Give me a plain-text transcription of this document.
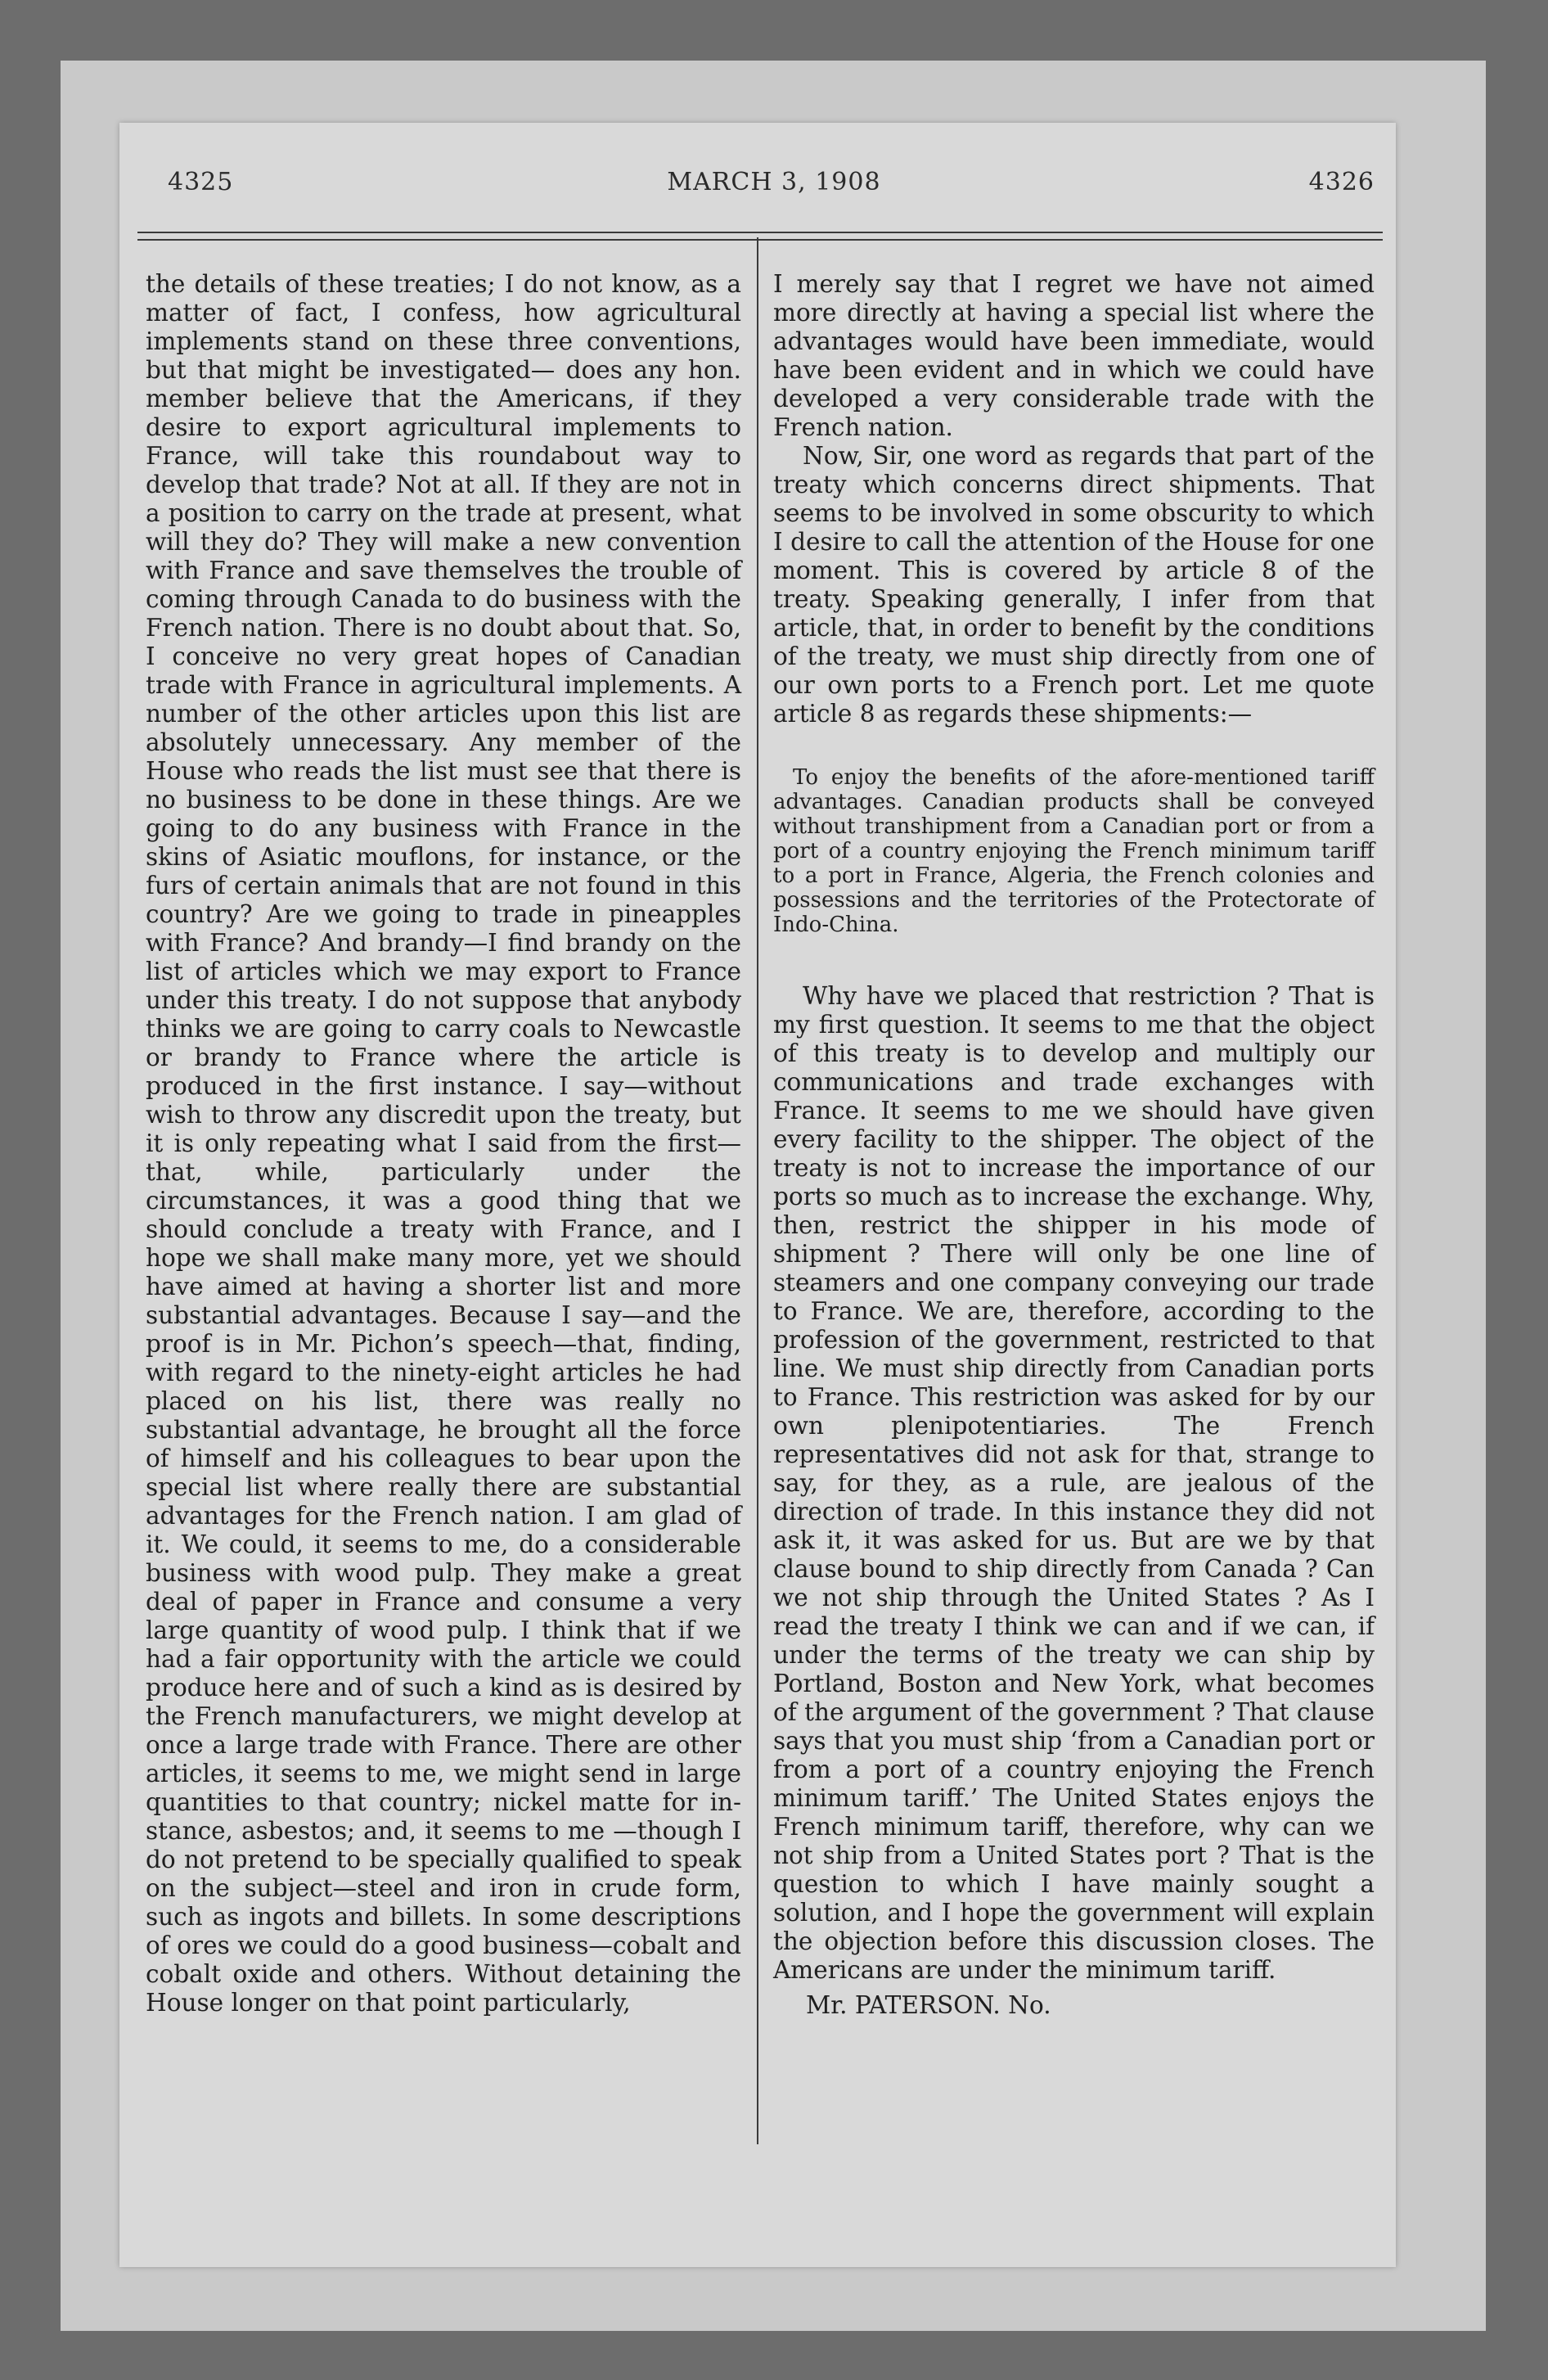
4325	MARCH 3, 1908	4326

the details of these treaties; I do not know, as a matter of fact, I confess, how agricultural implements stand on these three conventions, but that might be investigated— does any hon. member believe that the Americans, if they desire to export agricultural implements to France, will take this roundabout way to develop that trade? Not at all. If they are not in a position to carry on the trade at present, what will they do? They will make a new convention with France and save themselves the trouble of coming through Canada to do business with the French nation. There is no doubt about that. So, I conceive no very great hopes of Canadian trade with France in agricultural implements. A number of the other articles upon this list are absolutely unnecessary. Any member of the House who reads the list must see that there is no business to be done in these things. Are we going to do any business with France in the skins of Asiatic mouflons, for instance, or the furs of certain animals that are not found in this country? Are we going to trade in pineapples with France? And brandy—I find brandy on the list of articles which we may export to France under this treaty. I do not suppose that anybody thinks we are going to carry coals to Newcastle or brandy to France where the article is produced in the first instance. I say—without wish to throw any discredit upon the treaty, but it is only repeating what I said from the first—that, while, particularly under the circumstances, it was a good thing that we should conclude a treaty with France, and I hope we shall make many more, yet we should have aimed at having a shorter list and more substantial advantages. Because I say—and the proof is in Mr. Pichon’s speech—that, finding, with regard to the ninety-eight articles he had placed on his list, there was really no substantial advantage, he brought all the force of himself and his colleagues to bear upon the special list where really there are substantial advantages for the French nation. I am glad of it. We could, it seems to me, do a considerable business with wood pulp. They make a great deal of paper in France and consume a very large quantity of wood pulp. I think that if we had a fair opportunity with the article we could produce here and of such a kind as is desired by the French manufacturers, we might develop at once a large trade with France. There are other articles, it seems to me, we might send in large quantities to that country; nickel matte for instance, asbestos; and, it seems to me —though I do not pretend to be specially qualified to speak on the subject—steel and iron in crude form, such as ingots and billets. In some descriptions of ores we could do a good business—cobalt and cobalt oxide and others. Without detaining the House longer on that point particularly,

I merely say that I regret we have not aimed more directly at having a special list where the advantages would have been immediate, would have been evident and in which we could have developed a very considerable trade with the French nation.

Now, Sir, one word as regards that part of the treaty which concerns direct shipments. That seems to be involved in some obscurity to which I desire to call the attention of the House for one moment. This is covered by article 8 of the treaty. Speaking generally, I infer from that article, that, in order to benefit by the conditions of the treaty, we must ship directly from one of our own ports to a French port. Let me quote article 8 as regards these shipments:—

To enjoy the benefits of the afore-mentioned tariff advantages. Canadian products shall be conveyed without transhipment from a Canadian port or from a port of a country enjoying the French minimum tariff to a port in France, Algeria, the French colonies and possessions and the territories of the Protectorate of Indo-China.

Why have we placed that restriction ? That is my first question. It seems to me that the object of this treaty is to develop and multiply our communications and trade exchanges with France. It seems to me we should have given every facility to the shipper. The object of the treaty is not to increase the importance of our ports so much as to increase the exchange. Why, then, restrict the shipper in his mode of shipment ? There will only be one line of steamers and one company conveying our trade to France. We are, therefore, according to the profession of the government, restricted to that line. We must ship directly from Canadian ports to France. This restriction was asked for by our own plenipotentiaries. The French representatives did not ask for that, strange to say, for they, as a rule, are jealous of the direction of trade. In this instance they did not ask it, it was asked for us. But are we by that clause bound to ship directly from Canada ? Can we not ship through the United States ? As I read the treaty I think we can and if we can, if under the terms of the treaty we can ship by Portland, Boston and New York, what becomes of the argument of the government ? That clause says that you must ship ‘from a Canadian port or from a port of a country enjoying the French minimum tariff.’ The United States enjoys the French minimum tariff, therefore, why can we not ship from a United States port ? That is the question to which I have mainly sought a solution, and I hope the government will explain the objection before this discussion closes. The Americans are under the minimum tariff.

Mr. PATERSON. No.
